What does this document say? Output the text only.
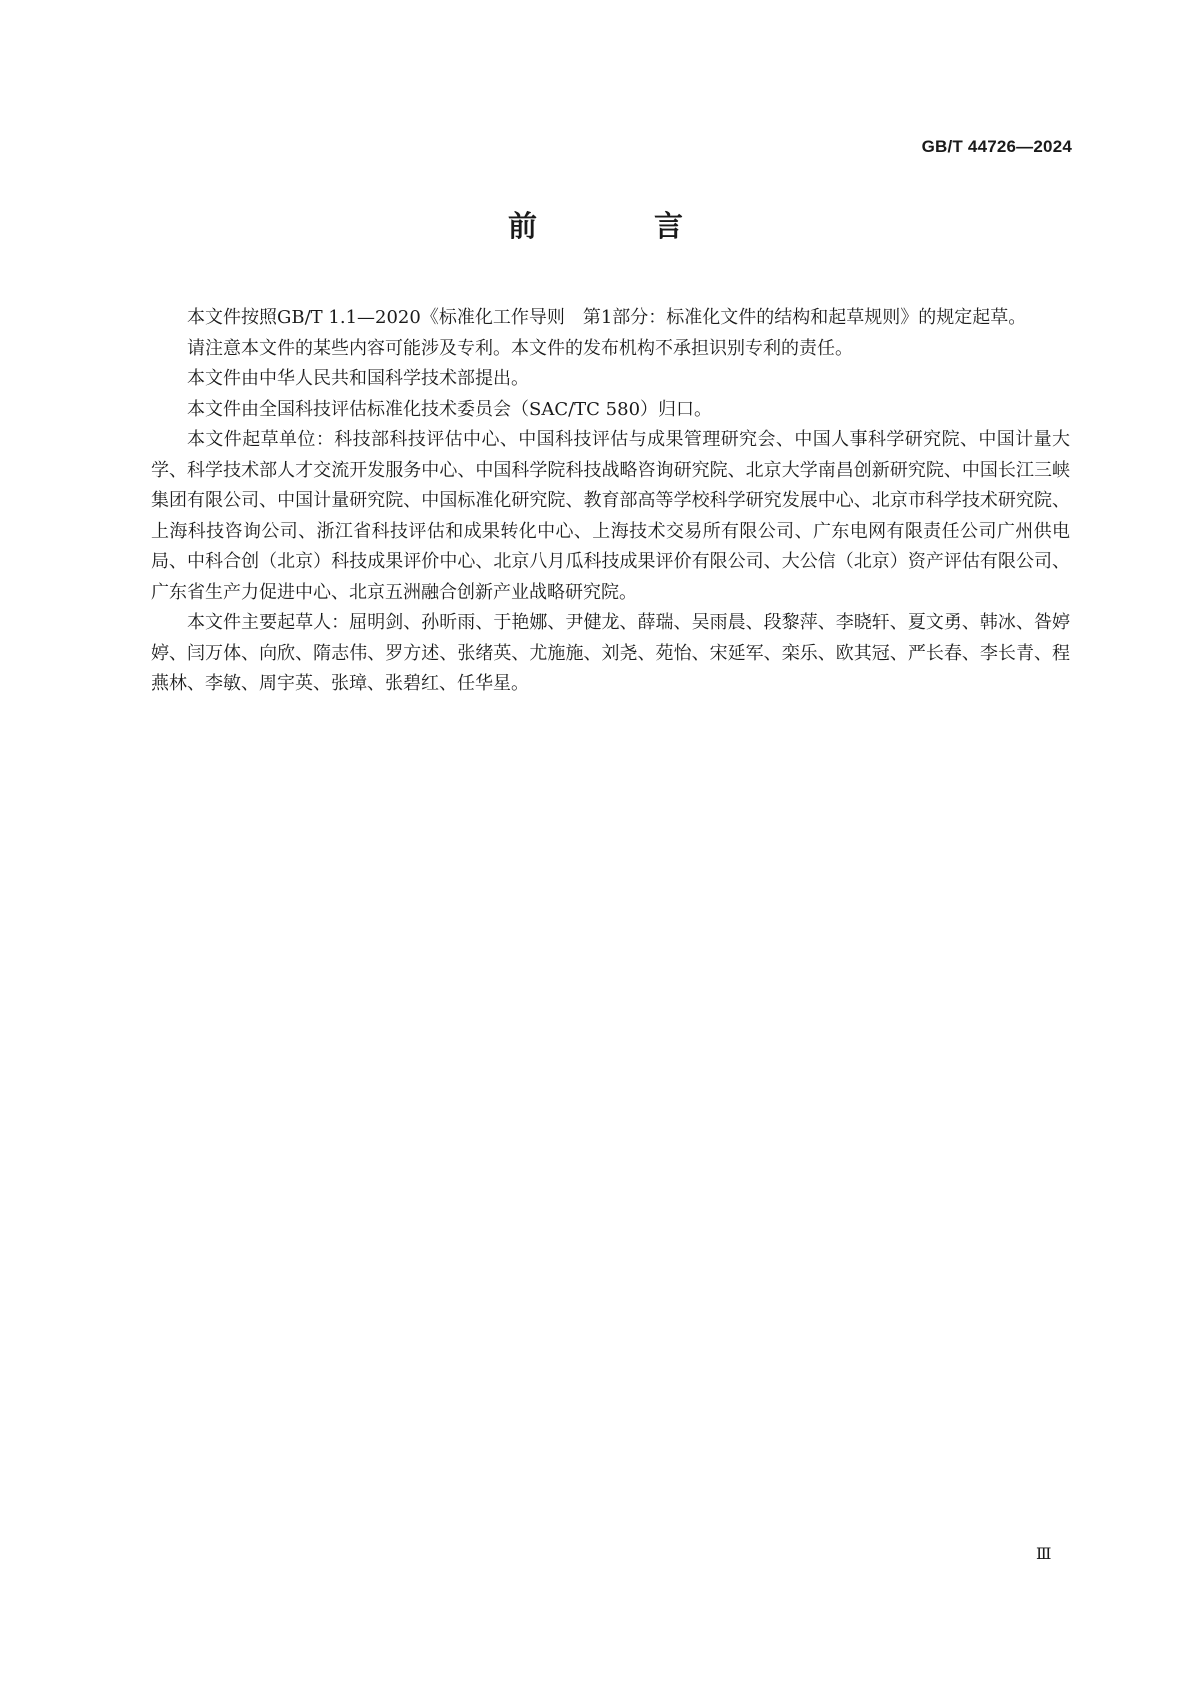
GB/T 44726—2024
前　言

本文件按照GB/T 1.1—2020《标准化工作导则　第1部分：标准化文件的结构和起草规则》的规定起草。

请注意本文件的某些内容可能涉及专利。本文件的发布机构不承担识别专利的责任。

本文件由中华人民共和国科学技术部提出。

本文件由全国科技评估标准化技术委员会（SAC/TC 580）归口。

本文件起草单位：科技部科技评估中心、中国科技评估与成果管理研究会、中国人事科学研究院、中国计量大学、科学技术部人才交流开发服务中心、中国科学院科技战略咨询研究院、北京大学南昌创新研究院、中国长江三峡集团有限公司、中国计量研究院、中国标准化研究院、教育部高等学校科学研究发展中心、北京市科学技术研究院、上海科技咨询公司、浙江省科技评估和成果转化中心、上海技术交易所有限公司、广东电网有限责任公司广州供电局、中科合创（北京）科技成果评价中心、北京八月瓜科技成果评价有限公司、大公信（北京）资产评估有限公司、广东省生产力促进中心、北京五洲融合创新产业战略研究院。

本文件主要起草人：屈明剑、孙昕雨、于艳娜、尹健龙、薛瑞、吴雨晨、段黎萍、李晓轩、夏文勇、韩冰、昝婷婷、闫万体、向欣、隋志伟、罗方述、张绪英、尤施施、刘尧、苑怡、宋延军、栾乐、欧其冠、严长春、李长青、程燕林、李敏、周宇英、张璋、张碧红、任华星。

Ⅲ
